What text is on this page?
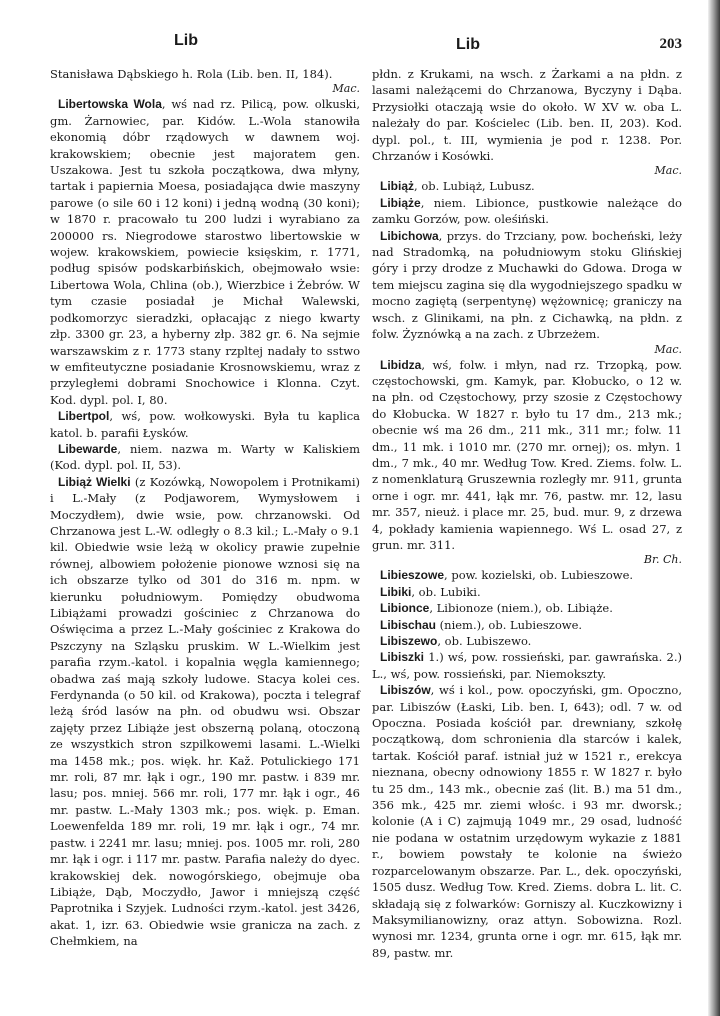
Lib	Lib	203

Stanisława Dąbskiego h. Rola (Lib. ben. II, 184).
Mac.

Libertowska Wola, wś nad rz. Pilicą, pow. olkuski, gm. Żarnowiec, par. Kidów. L.-Wola stanowiła ekonomią dóbr rządowych w dawnem woj. krakowskiem; obecnie jest majoratem gen. Uszakowa. Jest tu szkoła początkowa, dwa młyny, tartak i papiernia Moesa, posiadająca dwie maszyny parowe (o sile 60 i 12 koni) i jedną wodną (30 koni); w 1870 r. pracowało tu 200 ludzi i wyrabiano za 200000 rs. Niegrodowe starostwo libertowskie w wojew. krakowskiem, powiecie księskim, r. 1771, podług spisów podskarbińskich, obejmowało wsie: Libertowa Wola, Chlina (ob.), Wierzbice i Żebrów. W tym czasie posiadał je Michał Walewski, podkomorzyc sieradzki, opłacając z niego kwarty złp. 3300 gr. 23, a hyberny złp. 382 gr. 6. Na sejmie warszawskim z r. 1773 stany rzpltej nadały to sstwo w emfiteutyczne posiadanie Krosnowskiemu, wraz z przyległemi dobrami Snochowice i Klonna. Czyt. Kod. dypl. pol. I, 80.

Libertpol, wś, pow. wołkowyski. Była tu kaplica katol. b. parafii Łysków.

Libewarde, niem. nazwa m. Warty w Kaliskiem (Kod. dypl. pol. II, 53).

Libiąż Wielki (z Kozówką, Nowopolem i Protnikami) i L.-Mały (z Podjaworem, Wymysłowem i Moczydłem), dwie wsie, pow. chrzanowski. Od Chrzanowa jest L.-W. odległy o 8.3 kil.; L.-Mały o 9.1 kil. Obiedwie wsie leżą w okolicy prawie zupełnie równej, albowiem położenie pionowe wznosi się na ich obszarze tylko od 301 do 316 m. npm. w kierunku południowym. Pomiędzy obudwoma Libiążami prowadzi gościniec z Chrzanowa do Oświęcima a przez L.-Mały gościniec z Krakowa do Pszczyny na Szląsku pruskim. W L.-Wielkim jest parafia rzym.-katol. i kopalnia węgla kamiennego; obadwa zaś mają szkoły ludowe. Stacya kolei ces. Ferdynanda (o 50 kil. od Krakowa), poczta i telegraf leżą śród lasów na płn. od obudwu wsi. Obszar zajęty przez Libiąże jest obszerną polaną, otoczoną ze wszystkich stron szpilkowemi lasami. L.-Wielki ma 1458 mk.; pos. więk. hr. Kaž. Potulickiego 171 mr. roli, 87 mr. łąk i ogr., 190 mr. pastw. i 839 mr. lasu; pos. mniej. 566 mr. roli, 177 mr. łąk i ogr., 46 mr. pastw. L.-Mały 1303 mk.; pos. więk. p. Eman. Loewenfelda 189 mr. roli, 19 mr. łąk i ogr., 74 mr. pastw. i 2241 mr. lasu; mniej. pos. 1005 mr. roli, 280 mr. łąk i ogr. i 117 mr. pastw. Parafia należy do dyec. krakowskiej dek. nowogórskiego, obejmuje oba Libiąże, Dąb, Moczydło, Jawor i mniejszą część Paprotnika i Szyjek. Ludności rzym.-katol. jest 3426, akat. 1, izr. 63. Obiedwie wsie granicza na zach. z Chełmkiem, na

płdn. z Krukami, na wsch. z Żarkami a na płdn. z lasami należącemi do Chrzanowa, Byczyny i Dąba. Przysiołki otaczają wsie do około. W XV w. oba L. należały do par. Kościelec (Lib. ben. II, 203). Kod. dypl. pol., t. III, wymienia je pod r. 1238. Por. Chrzanów i Kosówki.
Mac.

Libiąż, ob. Lubiąż, Lubusz.

Libiąże, niem. Libionce, pustkowie należące do zamku Gorzów, pow. oleśiński.

Libichowa, przys. do Trzciany, pow. bocheński, leży nad Stradomką, na południowym stoku Glińskiej góry i przy drodze z Muchawki do Gdowa. Droga w tem miejscu zagina się dla wygodniejszego spadku w mocno zagiętą (serpentynę) wężownicę; graniczy na wsch. z Glinikami, na płn. z Cichawką, na płdn. z folw. Żyznówką a na zach. z Ubrzeżem.
Mac.

Libidza, wś, folw. i młyn, nad rz. Trzopką, pow. częstochowski, gm. Kamyk, par. Kłobucko, o 12 w. na płn. od Częstochowy, przy szosie z Częstochowy do Kłobucka. W 1827 r. było tu 17 dm., 213 mk.; obecnie wś ma 26 dm., 211 mk., 311 mr.; folw. 11 dm., 11 mk. i 1010 mr. (270 mr. ornej); os. młyn. 1 dm., 7 mk., 40 mr. Według Tow. Kred. Ziems. folw. L. z nomenklaturą Gruszewnia rozległy mr. 911, grunta orne i ogr. mr. 441, łąk mr. 76, pastw. mr. 12, lasu mr. 357, nieuż. i place mr. 25, bud. mur. 9, z drzewa 4, pokłady kamienia wapiennego. Wś L. osad 27, z grun. mr. 311.
Br. Ch.

Libieszowe, pow. kozielski, ob. Lubieszowe.

Libiki, ob. Lubiki.

Libionce, Libionoze (niem.), ob. Libiąże.

Libischau (niem.), ob. Lubieszowe.

Libiszewo, ob. Lubiszewo.

Libiszki 1.) wś, pow. rossieński, par. gawrańska. 2.) L., wś, pow. rossieński, par. Niemokszty.

Libiszów, wś i kol., pow. opoczyński, gm. Opoczno, par. Libiszów (Łaski, Lib. ben. I, 643); odl. 7 w. od Opoczna. Posiada kościół par. drewniany, szkołę początkową, dom schronienia dla starców i kalek, tartak. Kościół paraf. istniał już w 1521 r., erekcya nieznana, obecny odnowiony 1855 r. W 1827 r. było tu 25 dm., 143 mk., obecnie zaś (lit. B.) ma 51 dm., 356 mk., 425 mr. ziemi włośc. i 93 mr. dworsk.; kolonie (A i C) zajmują 1049 mr., 29 osad, ludność nie podana w ostatnim urzędowym wykazie z 1881 r., bowiem powstały te kolonie na świeżo rozparcelowanym obszarze. Par. L., dek. opoczyński, 1505 dusz. Według Tow. Kred. Ziems. dobra L. lit. C. składają się z folwarków: Gorniszy al. Kuczkowizny i Maksymilianowizny, oraz attyn. Sobowizna. Rozl. wynosi mr. 1234, grunta orne i ogr. mr. 615, łąk mr. 89, pastw. mr.
